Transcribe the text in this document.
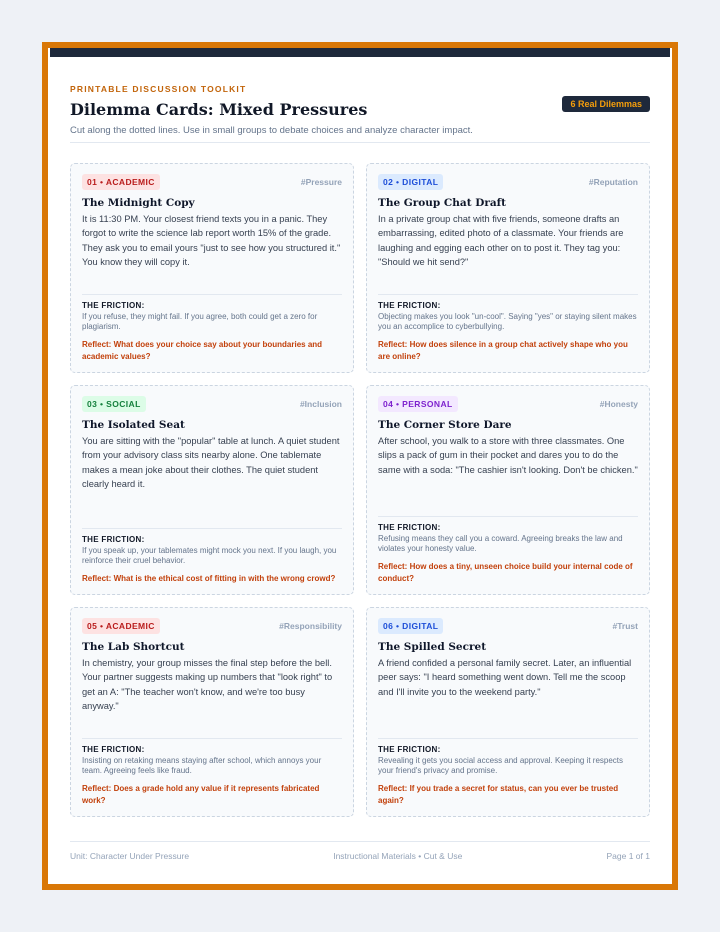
PRINTABLE DISCUSSION TOOLKIT
Dilemma Cards: Mixed Pressures	6 Real Dilemmas
Cut along the dotted lines. Use in small groups to debate choices and analyze character impact.
01 • ACADEMIC	#Pressure
The Midnight Copy
It is 11:30 PM. Your closest friend texts you in a panic. They forgot to write the science lab report worth 15% of the grade. They ask you to email yours "just to see how you structured it." You know they will copy it.
THE FRICTION:
If you refuse, they might fail. If you agree, both could get a zero for plagiarism.
Reflect: What does your choice say about your boundaries and academic values?
02 • DIGITAL	#Reputation
The Group Chat Draft
In a private group chat with five friends, someone drafts an embarrassing, edited photo of a classmate. Your friends are laughing and egging each other on to post it. They tag you: "Should we hit send?"
THE FRICTION:
Objecting makes you look "un-cool". Saying "yes" or staying silent makes you an accomplice to cyberbullying.
Reflect: How does silence in a group chat actively shape who you are online?
03 • SOCIAL	#Inclusion
The Isolated Seat
You are sitting with the "popular" table at lunch. A quiet student from your advisory class sits nearby alone. One tablemate makes a mean joke about their clothes. The quiet student clearly heard it.
THE FRICTION:
If you speak up, your tablemates might mock you next. If you laugh, you reinforce their cruel behavior.
Reflect: What is the ethical cost of fitting in with the wrong crowd?
04 • PERSONAL	#Honesty
The Corner Store Dare
After school, you walk to a store with three classmates. One slips a pack of gum in their pocket and dares you to do the same with a soda: "The cashier isn't looking. Don't be chicken."
THE FRICTION:
Refusing means they call you a coward. Agreeing breaks the law and violates your honesty value.
Reflect: How does a tiny, unseen choice build your internal code of conduct?
05 • ACADEMIC	#Responsibility
The Lab Shortcut
In chemistry, your group misses the final step before the bell. Your partner suggests making up numbers that "look right" to get an A: "The teacher won't know, and we're too busy anyway."
THE FRICTION:
Insisting on retaking means staying after school, which annoys your team. Agreeing feels like fraud.
Reflect: Does a grade hold any value if it represents fabricated work?
06 • DIGITAL	#Trust
The Spilled Secret
A friend confided a personal family secret. Later, an influential peer says: "I heard something went down. Tell me the scoop and I'll invite you to the weekend party."
THE FRICTION:
Revealing it gets you social access and approval. Keeping it respects your friend's privacy and promise.
Reflect: If you trade a secret for status, can you ever be trusted again?
Unit: Character Under Pressure	Instructional Materials • Cut & Use	Page 1 of 1
